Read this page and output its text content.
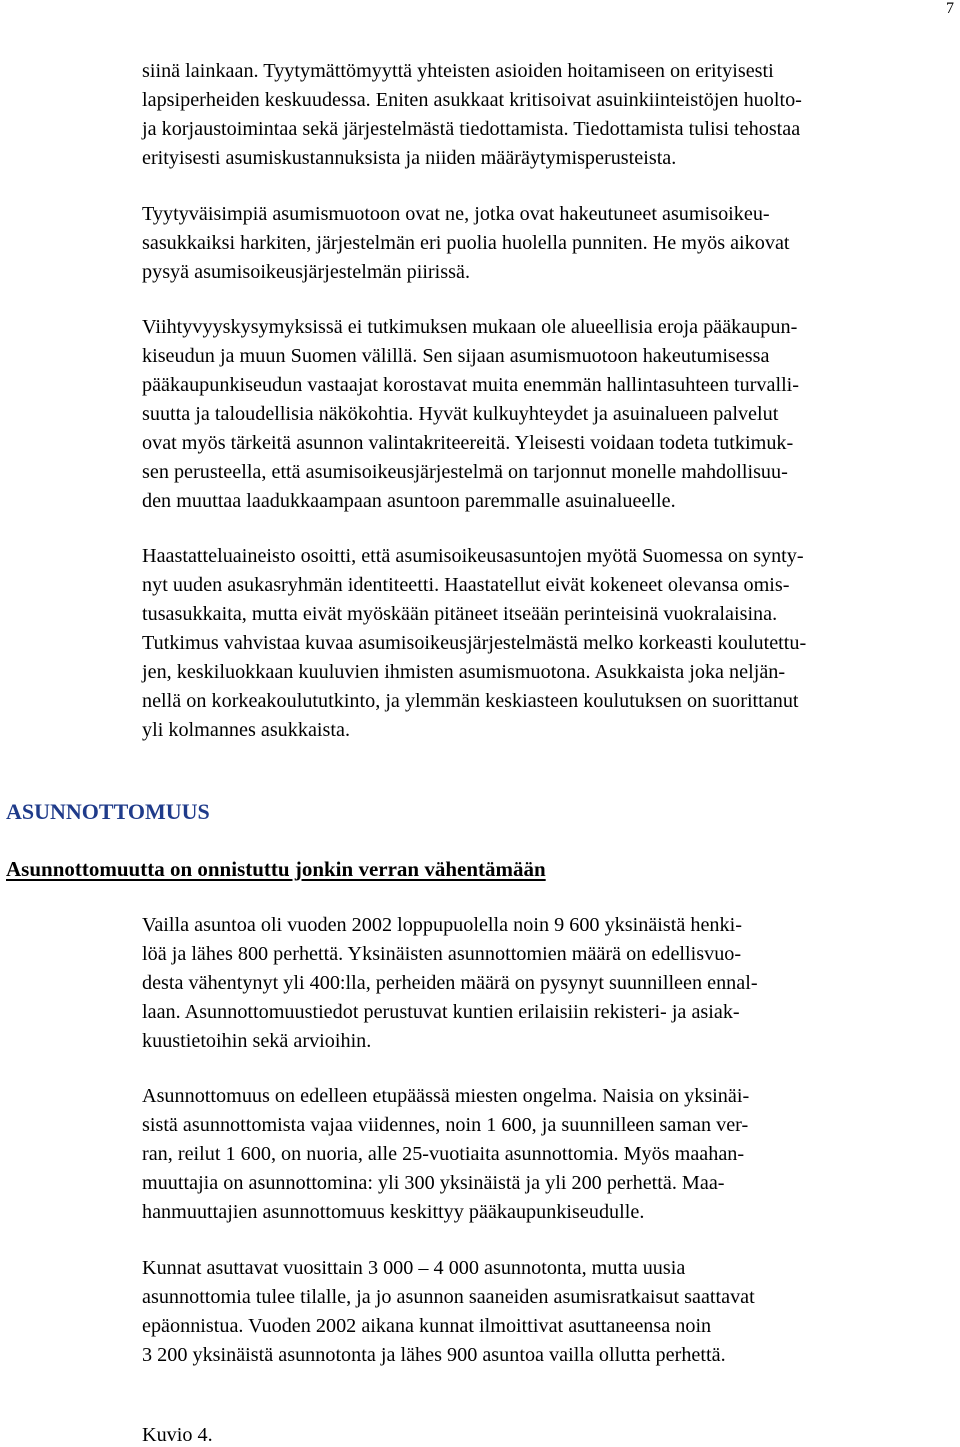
7
siinä lainkaan. Tyytymättömyyttä yhteisten asioiden hoitamiseen on erityisesti
lapsiperheiden keskuudessa. Eniten asukkaat kritisoivat asuinkiinteistöjen huolto-
ja korjaustoimintaa sekä järjestelmästä tiedottamista. Tiedottamista tulisi tehostaa
erityisesti asumiskustannuksista ja niiden määräytymisperusteista.
Tyytyväisimpiä asumismuotoon ovat ne, jotka ovat hakeutuneet asumisoikeu-
sasukkaiksi harkiten, järjestelmän eri puolia huolella punniten. He myös aikovat
pysyä asumisoikeusjärjestelmän piirissä.
Viihtyvyyskysymyksissä ei tutkimuksen mukaan ole alueellisia eroja pääkaupun-
kiseudun ja muun Suomen välillä. Sen sijaan asumismuotoon hakeutumisessa
pääkaupunkiseudun vastaajat korostavat muita enemmän hallintasuhteen turvalli-
suutta ja taloudellisia näkökohtia. Hyvät kulkuyhteydet ja asuinalueen palvelut
ovat myös tärkeitä asunnon valintakriteereitä. Yleisesti voidaan todeta tutkimuk-
sen perusteella, että asumisoikeusjärjestelmä on tarjonnut monelle mahdollisuu-
den muuttaa laadukkaampaan asuntoon paremmalle asuinalueelle.
Haastatteluaineisto osoitti, että asumisoikeusasuntojen myötä Suomessa on synty-
nyt uuden asukasryhmän identiteetti. Haastatellut eivät kokeneet olevansa omis-
tusasukkaita, mutta eivät myöskään pitäneet itseään perinteisinä vuokralaisina.
Tutkimus vahvistaa kuvaa asumisoikeusjärjestelmästä melko korkeasti koulutettu-
jen, keskiluokkaan kuuluvien ihmisten asumismuotona. Asukkaista joka neljän-
nellä on korkeakoulututkinto, ja ylemmän keskiasteen koulutuksen on suorittanut
yli kolmannes asukkaista.
ASUNNOTTOMUUS
Asunnottomuutta on onnistuttu jonkin verran vähentämään
Vailla asuntoa oli vuoden 2002 loppupuolella noin 9 600 yksinäistä henki-
löä ja lähes 800 perhettä. Yksinäisten asunnottomien määrä on edellisvuo-
desta vähentynyt yli 400:lla, perheiden määrä on pysynyt suunnilleen ennal-
laan. Asunnottomuustiedot perustuvat kuntien erilaisiin rekisteri- ja asiak-
kuustietoihin sekä arvioihin.
Asunnottomuus on edelleen etupäässä miesten ongelma. Naisia on yksinäi-
sistä asunnottomista vajaa viidennes, noin 1 600, ja suunnilleen saman ver-
ran, reilut 1 600, on nuoria, alle 25-vuotiaita asunnottomia. Myös maahan-
muuttajia on asunnottomina: yli 300 yksinäistä ja yli 200 perhettä. Maa-
hanmuuttajien asunnottomuus keskittyy pääkaupunkiseudulle.
Kunnat asuttavat vuosittain 3 000 – 4 000 asunnotonta, mutta uusia
asunnottomia tulee tilalle, ja jo asunnon saaneiden asumisratkaisut saattavat
epäonnistua. Vuoden 2002 aikana kunnat ilmoittivat asuttaneensa noin
3 200 yksinäistä asunnotonta ja lähes 900 asuntoa vailla ollutta perhettä.
Kuvio 4.
